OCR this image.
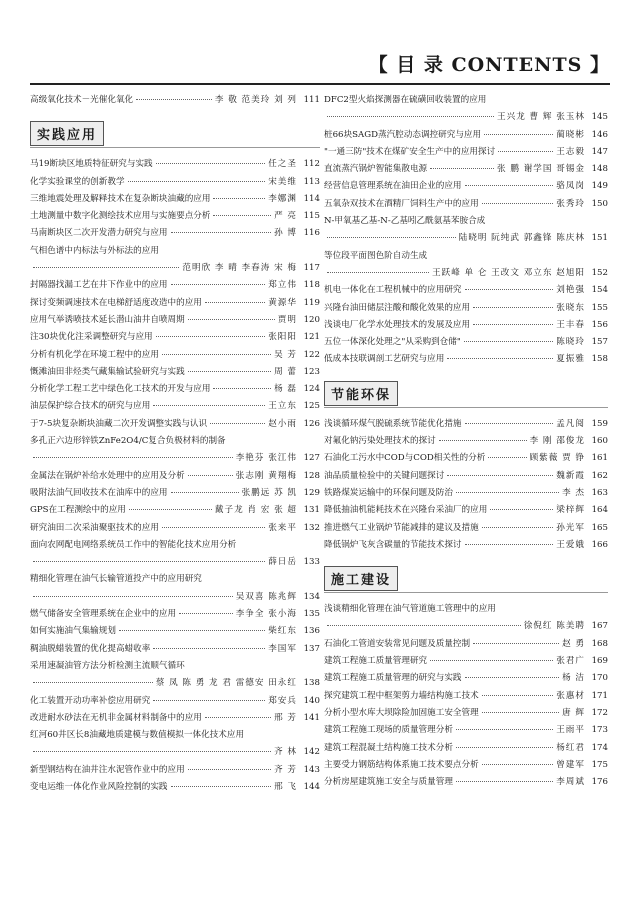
【 目 录 CONTENTS 】
高级氧化技术－光催化氧化	李 敬 范美玲 刘 列 111
实践应用
马19断块区地质特征研究与实践	任之圣 112
化学实验课堂的创新教学	宋美维 113
三维地震处理及解释技术在复杂断块油藏的应用	李娜渊 114
土地测量中数字化测绘技术应用与实施要点分析	严 亮 115
马南断块区二次开发潜力研究与应用	孙 博 116
气相色谱中内标法与外标法的应用
范明欣 李 晴 李春涛 宋 梅 117
封隔器找漏工艺在井下作业中的应用	郑立伟 118
探讨变频调速技术在电梯舒适度改造中的应用	黄源华 119
应用气举诱喷技术延长潜山油井自喷周期	贾明 120
注30块优化注采调整研究与应用	张阳阳 121
分析有机化学在环境工程中的应用	吴 芳 122
慨滩油田非烃类气藏集输试验研究与实践	周 蕾 123
分析化学工程工艺中绿色化工技术的开发与应用	杨 磊 124
油层保护综合技术的研究与应用	王立东 125
于7-5块复杂断块油藏二次开发调整实践与认识	赵小雨 126
多孔正六边形锌铁ZnFe2O4/C复合负极材料的制备
李艳芬 张江伟 127
金属法在锅炉补给水处理中的应用及分析	张志刚 黄翔梅 128
吸附法油气回收技术在油库中的应用	张鹏远 苏 凯 129
GPS在工程测绘中的应用	戴子龙 肖 宏 张 超 131
研究油田二次采油聚驱技术的应用	张来平 132
面向农网配电网络系统员工作中的智能化技术应用分析
薛日岳 133
精细化管理在油气长输管道投产中的应用研究
吴双喜 陈兆辉 134
燃气储备安全管理系统在企业中的应用	李争全 张小海 135
如何实施油气集输规划	柴红东 136
稠油脱蜡装置的优化提高蜡收率	李国军 137
采用速凝油管方法分析检测主流顺气循环
蔡 凤 陈 勇 龙 君 雷德安 田永红 138
化工装置开动功率补偿应用研究	郑安兵 140
改进耐水砂法在无机非金属材料制备中的应用	邢 芳 141
红河60井区长8油藏地质建模与数值模拟一体化技术应用
齐 林 142
新型钢结构在油井注水泥管作业中的应用	齐 芳 143
变电运维一体化作业风险控制的实践	邢 飞 144
DFC2型火焰探测器在硫磺回收装置的应用
王兴龙 曹 辉 张玉林 145
桩66块SAGD蒸汽腔动态调控研究与应用	蔺晓彬 146
"一通三防"技术在煤矿安全生产中的应用探讨	王志毅 147
直流蒸汽锅炉智能集散电源	张 鹏 谢学国 哥锡金 148
经营信息管理系统在油田企业的应用	骆凤岗 149
五氧杂双技术在酒精厂饲料生产中的应用	张秀玲 150
N-甲氧基乙基-N-乙基吲乙酰氨基苯胺合成
陆晓明 阮纯武 郭鑫锋 陈庆林 151
等位段平面图色阶自动生成
王跃峰 单 仑 王改文 邓立东 赵旭阳 152
机电一体化在工程机械中的应用研究	刘艳强 154
兴隆台油田储层注酸和酸化效果的应用	张晓东 155
浅谈电厂化学水处理技术的发展及应用	王丰春 156
五位一体深化处理之"从采购到仓储"	陈晓玲 157
低成本技联调剖工艺研究与应用	夏振雅 158
节能环保
浅谈循环煤气脱硫系统节能优化措施	孟凡阅 159
对氟化钠污染处理技术的探讨	李 刚 邵俊龙 160
石油化工污水中COD与COD相关性的分析	顾紫薇 贾 铮 161
油品质量检验中的关键问题探讨	魏新霞 162
铁路煤炭运输中的环保问题及防治	李 杰 163
降低抽油机能耗技术在兴隆台采油厂的应用	梁梓辉 164
推进燃气工业锅炉节能减排的建议及措施	孙光军 165
降低锅炉飞灰含碳量的节能技术探讨	王爱娥 166
施工建设
浅谈精细化管理在油气管道施工管理中的应用
徐倪红 陈美聘 167
石油化工管道安装常见问题及质量控制	赵 勇 168
建筑工程施工质量管理研究	张君广 169
建筑工程施工质量管理的研究与实践	杨 洁 170
探究建筑工程中框架剪力墙结构施工技术	张惠材 171
分析小型水库大坝除险加固施工安全管理	唐 辉 172
建筑工程施工现场的质量管理分析	王雨平 173
建筑工程混凝土结构施工技术分析	杨红君 174
主要受力钢筋结构体系施工技术要点分析	曾建军 175
分析房屋建筑施工安全与质量管理	李周斌 176
